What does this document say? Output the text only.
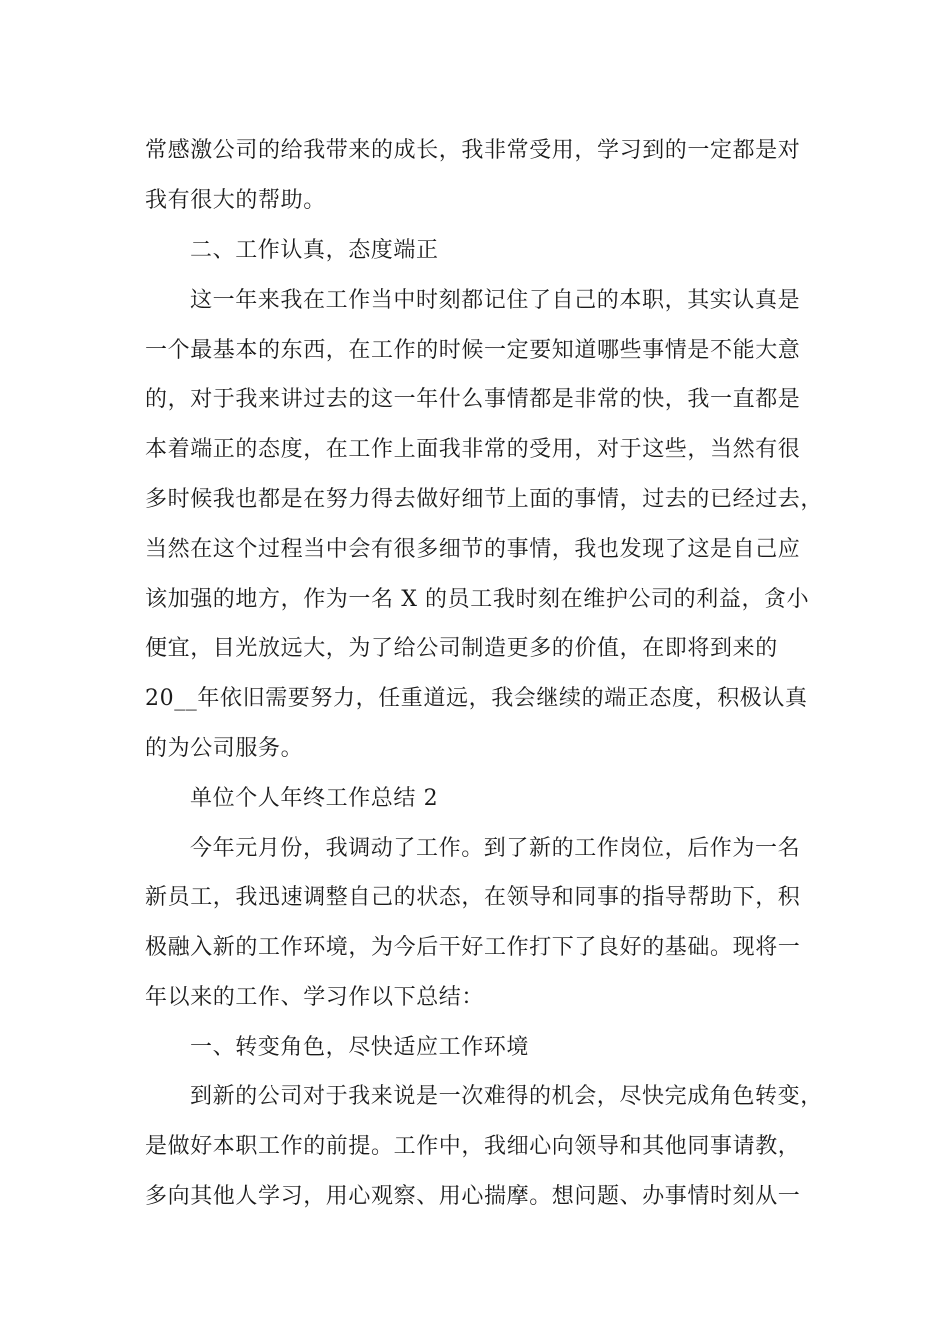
常感激公司的给我带来的成长，我非常受用，学习到的一定都是对
我有很大的帮助。
二、工作认真，态度端正
这一年来我在工作当中时刻都记住了自己的本职，其实认真是
一个最基本的东西，在工作的时候一定要知道哪些事情是不能大意
的，对于我来讲过去的这一年什么事情都是非常的快，我一直都是
本着端正的态度，在工作上面我非常的受用，对于这些，当然有很
多时候我也都是在努力得去做好细节上面的事情，过去的已经过去，
当然在这个过程当中会有很多细节的事情，我也发现了这是自己应
该加强的地方，作为一名 X 的员工我时刻在维护公司的利益，贪小
便宜，目光放远大，为了给公司制造更多的价值，在即将到来的
20__年依旧需要努力，任重道远，我会继续的端正态度，积极认真
的为公司服务。
单位个人年终工作总结 2
今年元月份，我调动了工作。到了新的工作岗位，后作为一名
新员工，我迅速调整自己的状态，在领导和同事的指导帮助下，积
极融入新的工作环境，为今后干好工作打下了良好的基础。现将一
年以来的工作、学习作以下总结：
一、转变角色，尽快适应工作环境
到新的公司对于我来说是一次难得的机会，尽快完成角色转变，
是做好本职工作的前提。工作中，我细心向领导和其他同事请教，
多向其他人学习，用心观察、用心揣摩。想问题、办事情时刻从一
